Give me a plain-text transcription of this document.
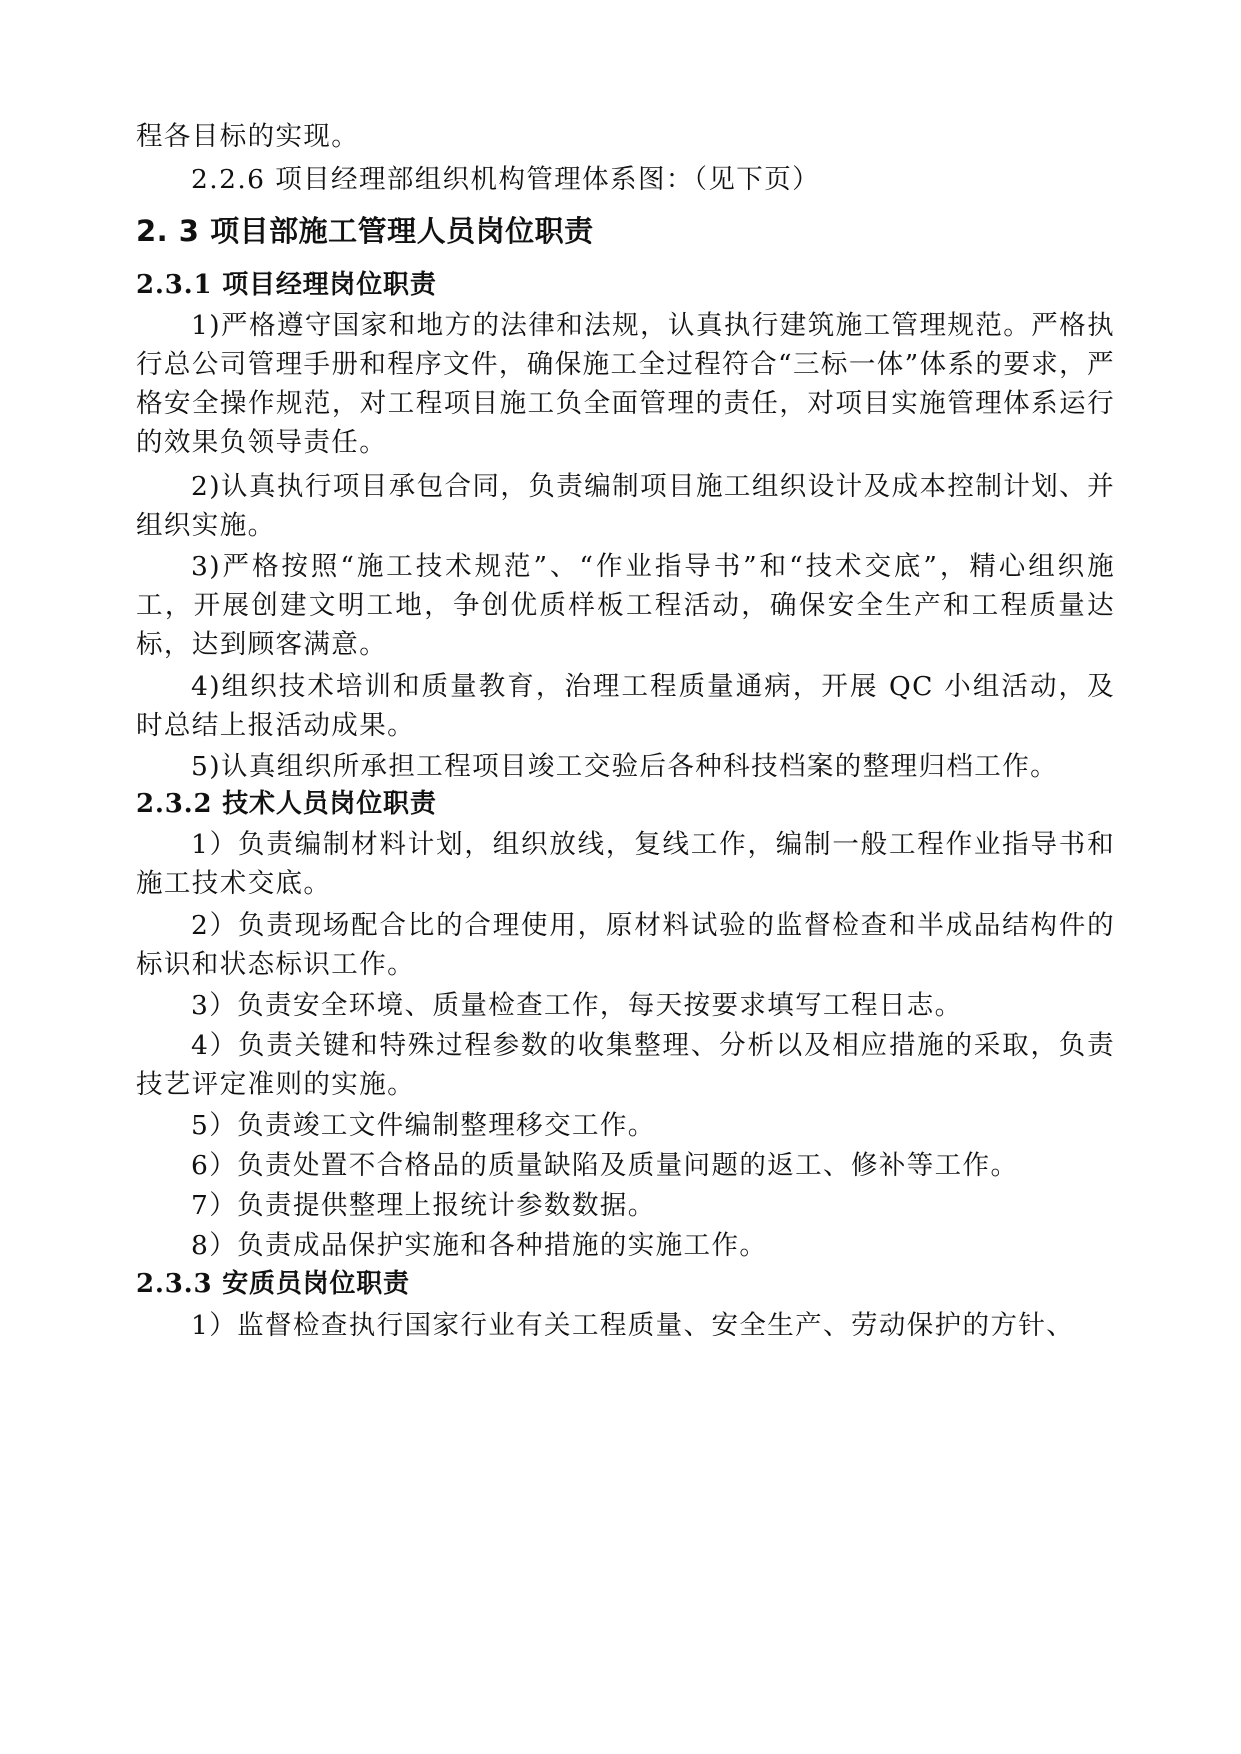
程各目标的实现。

2.2.6 项目经理部组织机构管理体系图：（见下页）

2. 3 项目部施工管理人员岗位职责
2.3.1 项目经理岗位职责

1)严格遵守国家和地方的法律和法规，认真执行建筑施工管理规范。严格执行总公司管理手册和程序文件，确保施工全过程符合“三标一体”体系的要求，严格安全操作规范，对工程项目施工负全面管理的责任，对项目实施管理体系运行的效果负领导责任。

2)认真执行项目承包合同，负责编制项目施工组织设计及成本控制计划、并组织实施。

3)严格按照“施工技术规范”、“作业指导书”和“技术交底”，精心组织施工，开展创建文明工地，争创优质样板工程活动，确保安全生产和工程质量达标，达到顾客满意。

4)组织技术培训和质量教育，治理工程质量通病，开展 QC 小组活动，及时总结上报活动成果。

5)认真组织所承担工程项目竣工交验后各种科技档案的整理归档工作。

2.3.2 技术人员岗位职责

1）负责编制材料计划，组织放线，复线工作，编制一般工程作业指导书和施工技术交底。

2）负责现场配合比的合理使用，原材料试验的监督检查和半成品结构件的标识和状态标识工作。

3）负责安全环境、质量检查工作，每天按要求填写工程日志。

4）负责关键和特殊过程参数的收集整理、分析以及相应措施的采取，负责技艺评定准则的实施。

5）负责竣工文件编制整理移交工作。

6）负责处置不合格品的质量缺陷及质量问题的返工、修补等工作。

7）负责提供整理上报统计参数数据。

8）负责成品保护实施和各种措施的实施工作。

2.3.3 安质员岗位职责

1）监督检查执行国家行业有关工程质量、安全生产、劳动保护的方针、
